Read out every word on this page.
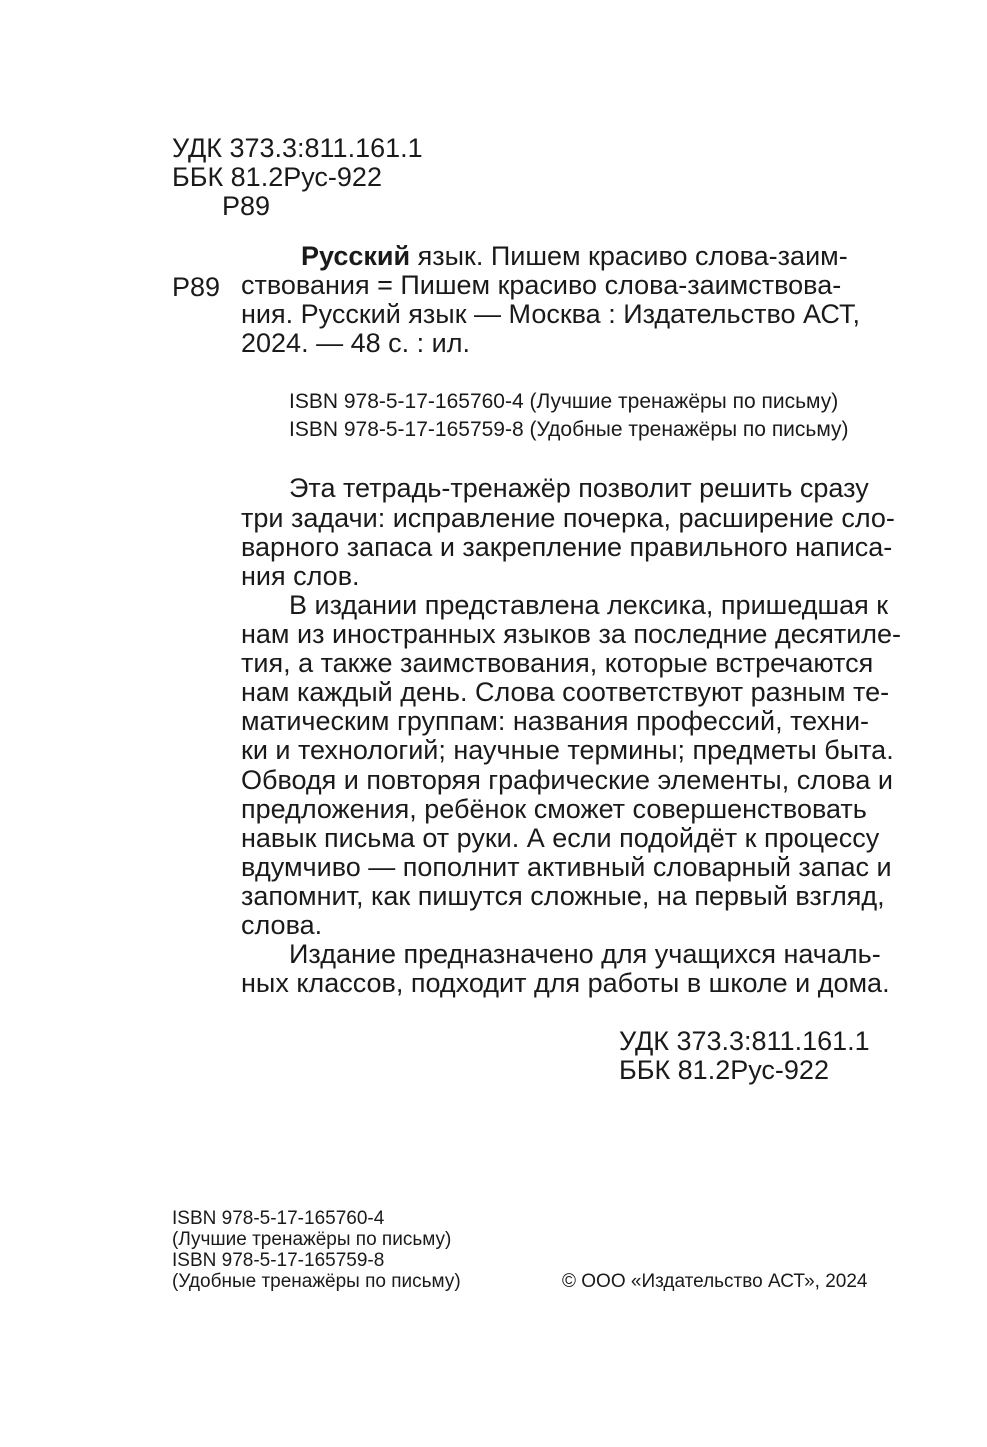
УДК 373.3:811.161.1
ББК 81.2Рус-922
Р89
Р89
Русский язык. Пишем красиво слова-заим-
ствования = Пишем красиво слова-заимствова-
ния. Русский язык — Москва : Издательство АСТ,
2024. — 48 с. : ил.
ISBN 978-5-17-165760-4 (Лучшие тренажёры по письму)
ISBN 978-5-17-165759-8 (Удобные тренажёры по письму)
Эта тетрадь-тренажёр позволит решить сразу
три задачи: исправление почерка, расширение сло-
варного запаса и закрепление правильного написа-
ния слов.
В издании представлена лексика, пришедшая к
нам из иностранных языков за последние десятиле-
тия, а также заимствования, которые встречаются
нам каждый день. Слова соответствуют разным те-
матическим группам: названия профессий, техни-
ки и технологий; научные термины; предметы быта.
Обводя и повторяя графические элементы, слова и
предложения, ребёнок сможет совершенствовать
навык письма от руки. А если подойдёт к процессу
вдумчиво — пополнит активный словарный запас и
запомнит, как пишутся сложные, на первый взгляд,
слова.
Издание предназначено для учащихся началь-
ных классов, подходит для работы в школе и дома.
УДК 373.3:811.161.1
ББК 81.2Рус-922
ISBN 978-5-17-165760-4
(Лучшие тренажёры по письму)
ISBN 978-5-17-165759-8
(Удобные тренажёры по письму)	© ООО «Издательство АСТ», 2024
